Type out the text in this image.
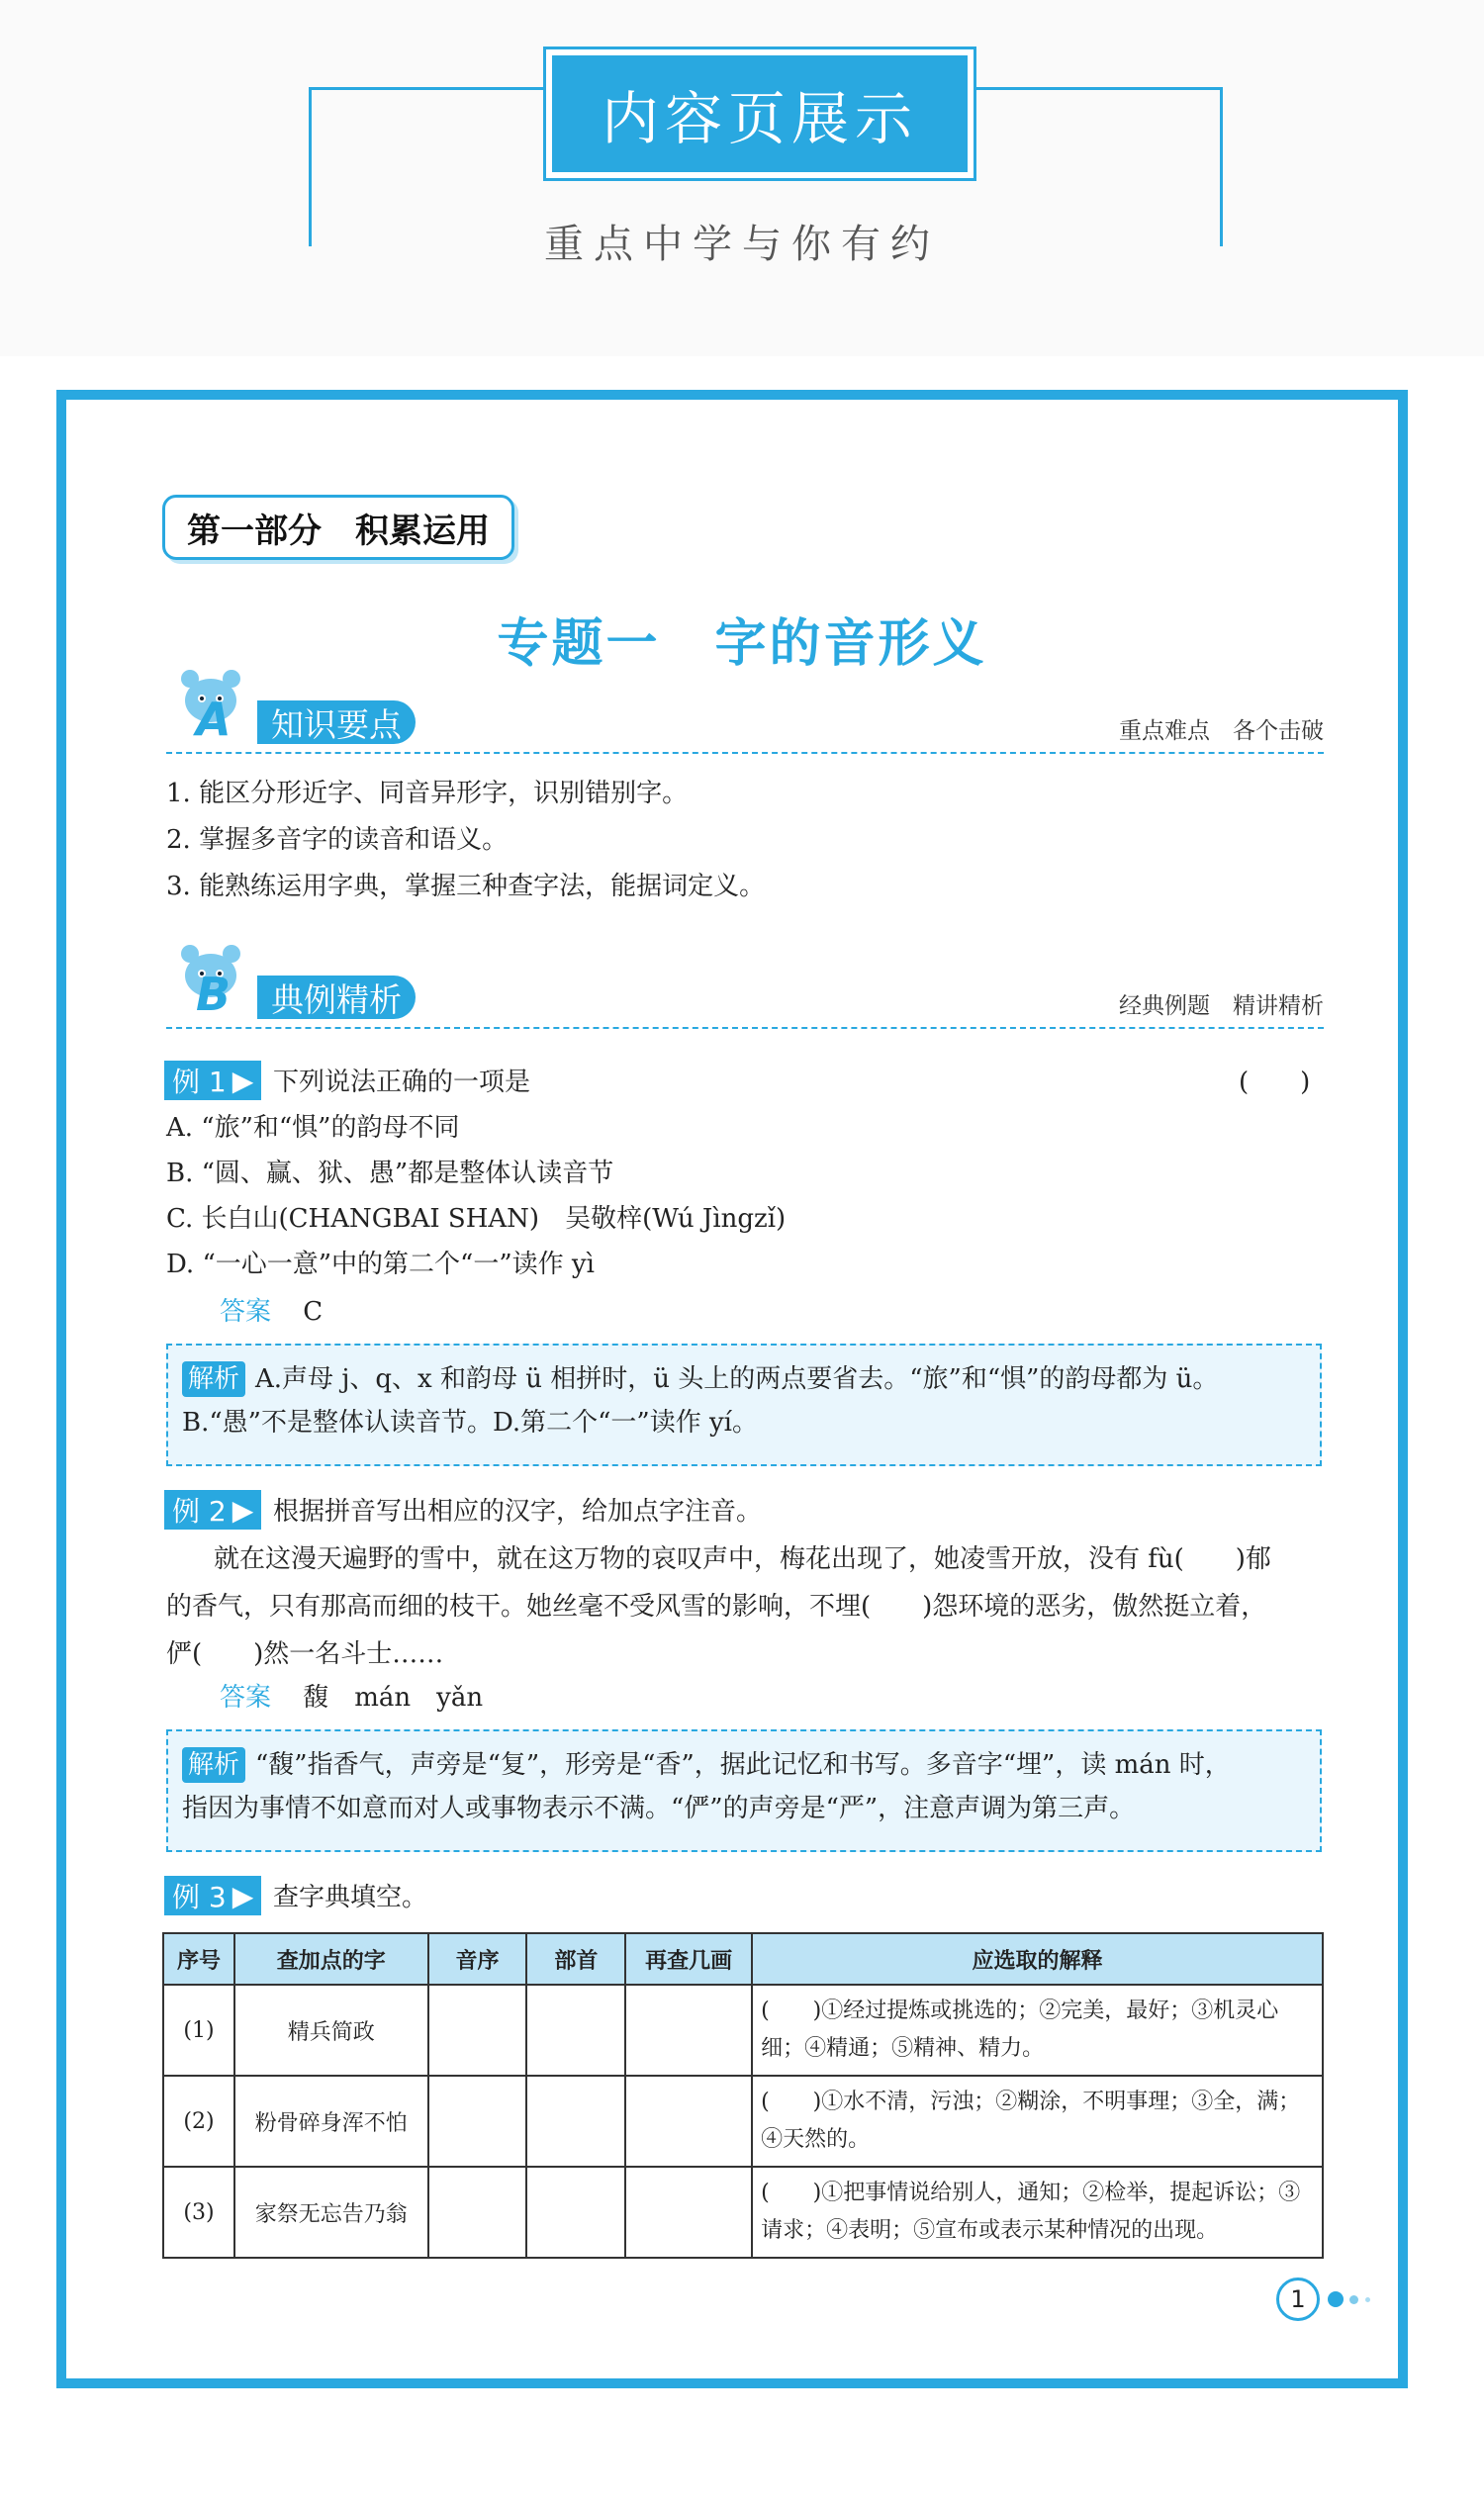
内容页展示
重点中学与你有约
第一部分　积累运用
专题一　字的音形义
A	知识要点	重点难点　各个击破
1. 能区分形近字、同音异形字，识别错别字。
2. 掌握多音字的读音和语义。
3. 能熟练运用字典，掌握三种查字法，能据词定义。
B	典例精析	经典例题　精讲精析
例 1 ▶ 下列说法正确的一项是	(　　)
A. “旅”和“惧”的韵母不同
B. “圆、赢、狱、愚”都是整体认读音节
C. 长白山(CHANGBAI SHAN)　吴敬梓(Wú Jìngzǐ)
D. “一心一意”中的第二个“一”读作 yì
答案 C
解析 A.声母 j、q、x 和韵母 ü 相拼时，ü 头上的两点要省去。“旅”和“惧”的韵母都为 ü。
B.“愚”不是整体认读音节。D.第二个“一”读作 yí。
例 2 ▶ 根据拼音写出相应的汉字，给加点字注音。
就在这漫天遍野的雪中，就在这万物的哀叹声中，梅花出现了，她凌雪开放，没有 fù(　　)郁
的香气，只有那高而细的枝干。她丝毫不受风雪的影响，不埋(　　)怨环境的恶劣，傲然挺立着，
俨(　　)然一名斗士……
答案 馥　mán　yǎn
解析 “馥”指香气，声旁是“复”，形旁是“香”，据此记忆和书写。多音字“埋”，读 mán 时，
指因为事情不如意而对人或事物表示不满。“俨”的声旁是“严”，注意声调为第三声。
例 3 ▶ 查字典填空。
序号	查加点的字	音序	部首	再查几画	应选取的解释
(1)	精兵简政				(　　)①经过提炼或挑选的；②完美，最好；③机灵心细；④精通；⑤精神、精力。
(2)	粉骨碎身浑不怕				(　　)①水不清，污浊；②糊涂，不明事理；③全，满；④天然的。
(3)	家祭无忘告乃翁				(　　)①把事情说给别人，通知；②检举，提起诉讼；③请求；④表明；⑤宣布或表示某种情况的出现。
1
